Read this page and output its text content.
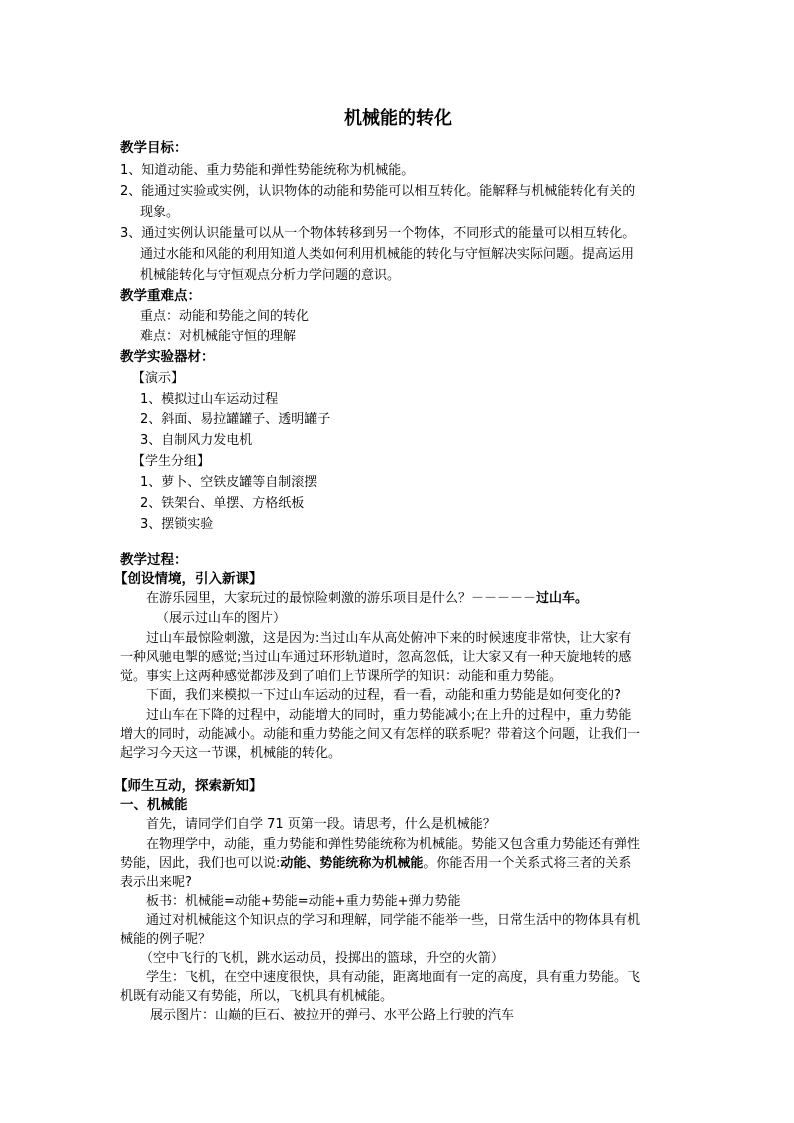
机械能的转化
教学目标：
1、知道动能、重力势能和弹性势能统称为机械能。
2、能通过实验或实例，认识物体的动能和势能可以相互转化。能解释与机械能转化有关的
现象。
3、通过实例认识能量可以从一个物体转移到另一个物体，不同形式的能量可以相互转化。
通过水能和风能的利用知道人类如何利用机械能的转化与守恒解决实际问题。提高运用
机械能转化与守恒观点分析力学问题的意识。
教学重难点：
重点：动能和势能之间的转化
难点：对机械能守恒的理解
教学实验器材：
【演示】
1、模拟过山车运动过程
2、斜面、易拉罐罐子、透明罐子
3、自制风力发电机
【学生分组】
1、萝卜、空铁皮罐等自制滚摆
2、铁架台、单摆、方格纸板
3、摆锁实验
教学过程：
【创设情境，引入新课】
在游乐园里，大家玩过的最惊险刺激的游乐项目是什么？－－－－－过山车。
（展示过山车的图片）
过山车最惊险刺激，这是因为:当过山车从高处俯冲下来的时候速度非常快，让大家有
一种风驰电掣的感觉;当过山车通过环形轨道时，忽高忽低，让大家又有一种天旋地转的感
觉。事实上这两种感觉都涉及到了咱们上节课所学的知识：动能和重力势能。
下面，我们来模拟一下过山车运动的过程，看一看，动能和重力势能是如何变化的?
过山车在下降的过程中，动能增大的同时，重力势能减小;在上升的过程中，重力势能
增大的同时，动能减小。动能和重力势能之间又有怎样的联系呢？带着这个问题，让我们一
起学习今天这一节课，机械能的转化。
【师生互动，探索新知】
一、机械能
首先，请同学们自学 71 页第一段。请思考，什么是机械能？
在物理学中，动能，重力势能和弹性势能统称为机械能。势能又包含重力势能还有弹性
势能，因此，我们也可以说:动能、势能统称为机械能。你能否用一个关系式将三者的关系
表示出来呢?
板书：机械能=动能+势能=动能+重力势能+弹力势能
通过对机械能这个知识点的学习和理解，同学能不能举一些，日常生活中的物体具有机
械能的例子呢？
（空中飞行的飞机，跳水运动员，投掷出的篮球，升空的火箭）
学生：飞机，在空中速度很快，具有动能，距离地面有一定的高度，具有重力势能。飞
机既有动能又有势能，所以，飞机具有机械能。
展示图片：山巅的巨石、被拉开的弹弓、水平公路上行驶的汽车
